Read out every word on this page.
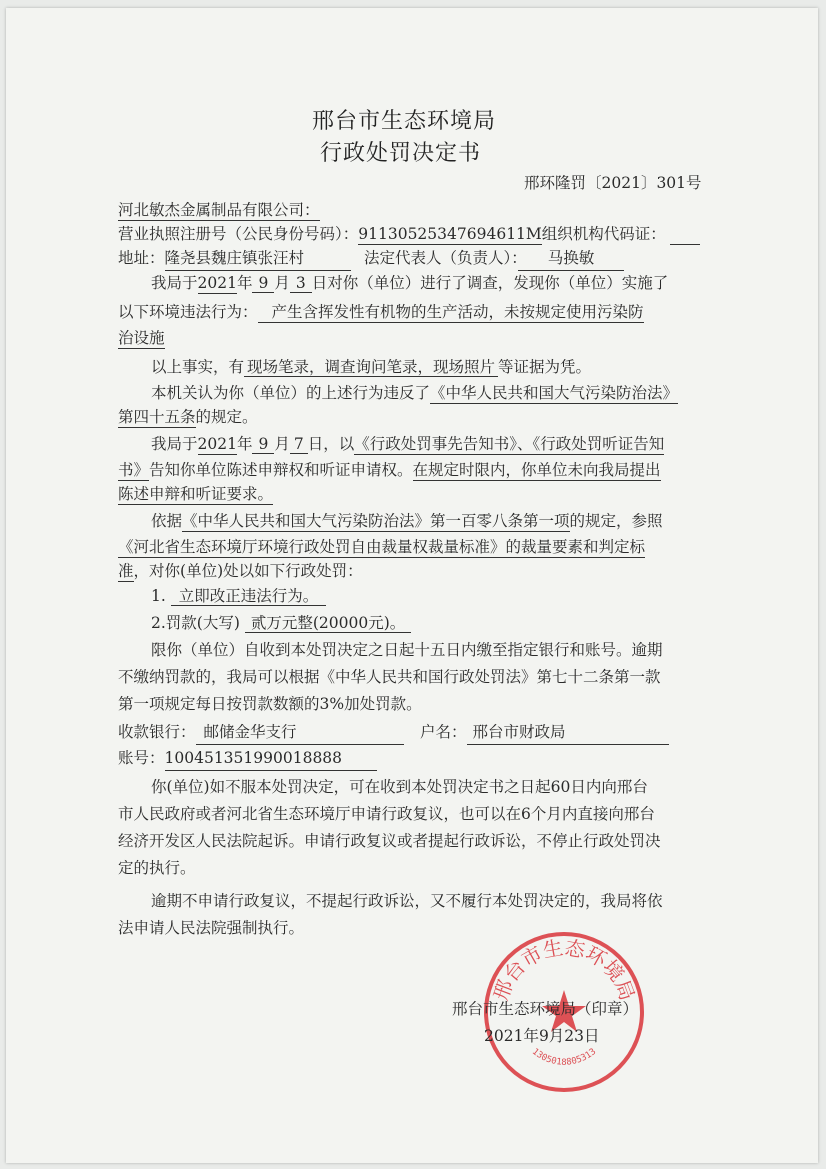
邢台市生态环境局
行政处罚决定书
邢环隆罚〔2021〕301号
河北敏杰金属制品有限公司：
营业执照注册号（公民身份号码）：91130525347694611M组织机构代码证：
地址：隆尧县魏庄镇张汪村	法定代表人（负责人）：	马换敏
我局于2021年 9 月 3 日对你（单位）进行了调查，发现你（单位）实施了
以下环境违法行为： 产生含挥发性有机物的生产活动，未按规定使用污染防
治设施
以上事实，有 现场笔录，调查询问笔录，现场照片 等证据为凭。
本机关认为你（单位）的上述行为违反了《中华人民共和国大气污染防治法》
第四十五条的规定。
我局于2021年 9 月 7 日，以《行政处罚事先告知书》、《行政处罚听证告知
书》告知你单位陈述申辩权和听证申请权。在规定时限内，你单位未向我局提出
陈述申辩和听证要求。
依据《中华人民共和国大气污染防治法》第一百零八条第一项的规定，参照
《河北省生态环境厅环境行政处罚自由裁量权裁量标准》的裁量要素和判定标
准，对你(单位)处以如下行政处罚：
1. 立即改正违法行为。
2.罚款(大写) 贰万元整(20000元)。
限你（单位）自收到本处罚决定之日起十五日内缴至指定银行和账号。逾期
不缴纳罚款的，我局可以根据《中华人民共和国行政处罚法》第七十二条第一款
第一项规定每日按罚款数额的3%加处罚款。
收款银行： 邮储金华支行	户名： 邢台市财政局
账号：100451351990018888
你(单位)如不服本处罚决定，可在收到本处罚决定书之日起60日内向邢台
市人民政府或者河北省生态环境厅申请行政复议，也可以在6个月内直接向邢台
经济开发区人民法院起诉。申请行政复议或者提起行政诉讼，不停止行政处罚决
定的执行。
逾期不申请行政复议，不提起行政诉讼，又不履行本处罚决定的，我局将依
法申请人民法院强制执行。
邢台市生态环境局
1305018805313
邢台市生态环境局（印章）
2021年9月23日
